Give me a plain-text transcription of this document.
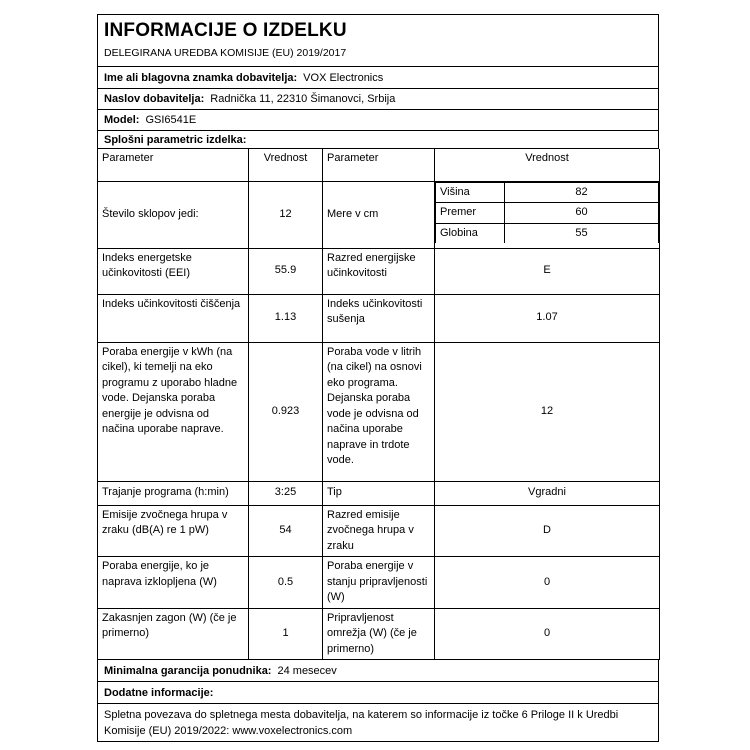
INFORMACIJE O IZDELKU
DELEGIRANA UREDBA KOMISIJE (EU) 2019/2017
Ime ali blagovna znamka dobavitelja: VOX Electronics
Naslov dobavitelja: Radnička 11, 22310 Šimanovci, Srbija
Model: GSI6541E
Splošni parametric izdelka:
Parameter	Vrednost	Parameter	Vrednost
Število sklopov jedi:	12	Mere v cm	
Višina	82
Premer	60
Globina	55

Indeks energetske učinkovitosti (EEI)	55.9	Razred energijske učinkovitosti	E
Indeks učinkovitosti čiščenja	1.13	Indeks učinkovitosti sušenja	1.07
Poraba energije v kWh (na cikel), ki temelji na eko programu z uporabo hladne vode. Dejanska poraba energije je odvisna od načina uporabe naprave.	0.923	Poraba vode v litrih (na cikel) na osnovi eko programa. Dejanska poraba vode je odvisna od načina uporabe naprave in trdote vode.	12
Trajanje programa (h:min)	3:25	Tip	Vgradni
Emisije zvočnega hrupa v zraku (dB(A) re 1 pW)	54	Razred emisije zvočnega hrupa v zraku	D
Poraba energije, ko je naprava izklopljena (W)	0.5	Poraba energije v stanju pripravljenosti (W)	0
Zakasnjen zagon (W) (če je primerno)	1	Pripravljenost omrežja (W) (če je primerno)	0
Minimalna garancija ponudnika: 24 mesecev
Dodatne informacije:
Spletna povezava do spletnega mesta dobavitelja, na katerem so informacije iz točke 6 Priloge II k Uredbi Komisije (EU) 2019/2022: www.voxelectronics.com
